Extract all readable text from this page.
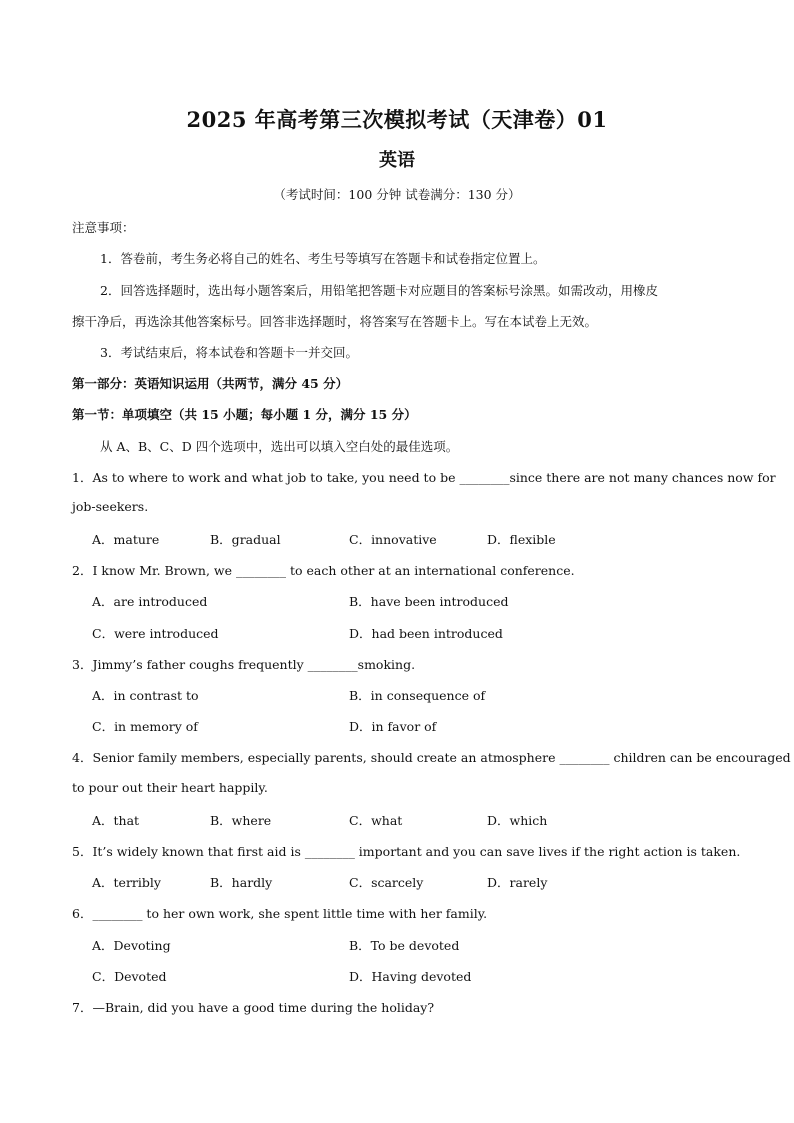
2025 年高考第三次模拟考试（天津卷）01
英语
（考试时间：100 分钟 试卷满分：130 分）
注意事项：
1．答卷前，考生务必将自己的姓名、考生号等填写在答题卡和试卷指定位置上。
2．回答选择题时，选出每小题答案后，用铅笔把答题卡对应题目的答案标号涂黑。如需改动，用橡皮
擦干净后，再选涂其他答案标号。回答非选择题时，将答案写在答题卡上。写在本试卷上无效。
3．考试结束后，将本试卷和答题卡一并交回。
第一部分：英语知识运用（共两节，满分 45 分）
第一节：单项填空（共 15 小题；每小题 1 分，满分 15 分）
从 A、B、C、D 四个选项中，选出可以填入空白处的最佳选项。
1．As to where to work and what job to take, you need to be ________since there are not many chances now for
job-seekers.
A．mature	B．gradual	C．innovative	D．flexible
2．I know Mr. Brown, we ________ to each other at an international conference.
A．are introduced	B．have been introduced
C．were introduced	D．had been introduced
3．Jimmy’s father coughs frequently ________smoking.
A．in contrast to	B．in consequence of
C．in memory of	D．in favor of
4．Senior family members, especially parents, should create an atmosphere ________ children can be encouraged
to pour out their heart happily.
A．that	B．where	C．what	D．which
5．It’s widely known that first aid is ________ important and you can save lives if the right action is taken.
A．terribly	B．hardly	C．scarcely	D．rarely
6．________ to her own work, she spent little time with her family.
A．Devoting	B．To be devoted
C．Devoted	D．Having devoted
7．—Brain, did you have a good time during the holiday?
